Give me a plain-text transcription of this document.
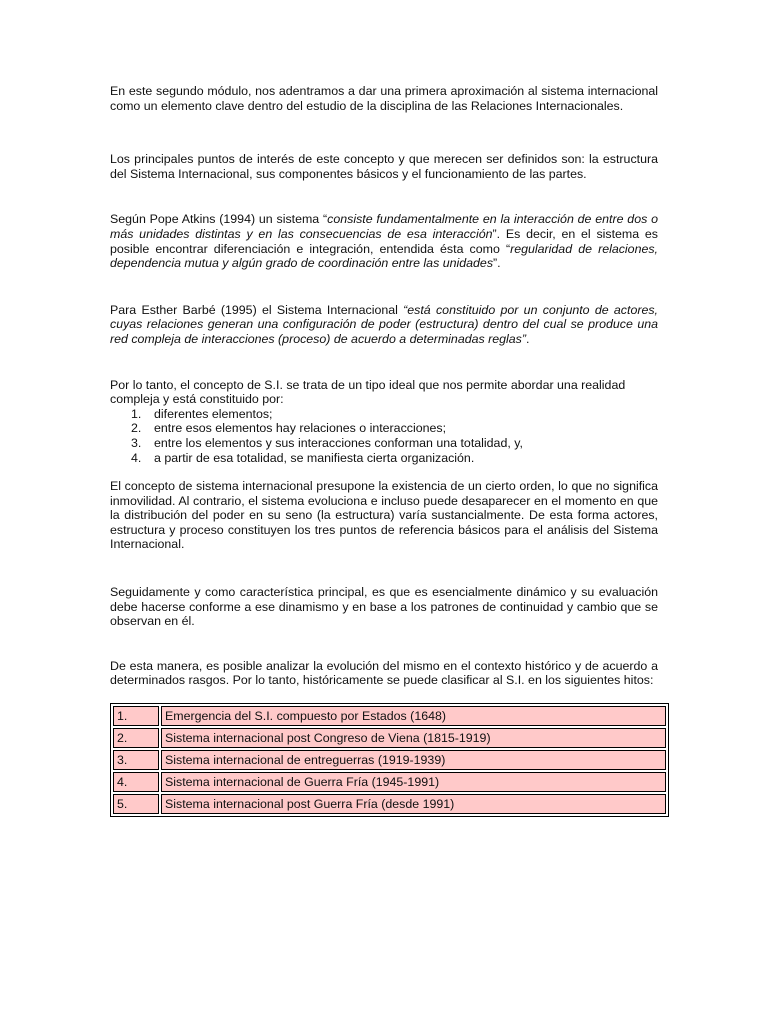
En este segundo módulo, nos adentramos a dar una primera aproximación al sistema internacional como un elemento clave dentro del estudio de la disciplina de las Relaciones Internacionales.

Los principales puntos de interés de este concepto y que merecen ser definidos son: la estructura del Sistema Internacional, sus componentes básicos y el funcionamiento de las partes.

Según Pope Atkins (1994) un sistema “consiste fundamentalmente en la interacción de entre dos o más unidades distintas y en las consecuencias de esa interacción”. Es decir, en el sistema es posible encontrar diferenciación e integración, entendida ésta como “regularidad de relaciones, dependencia mutua y algún grado de coordinación entre las unidades”.

Para Esther Barbé (1995) el Sistema Internacional “está constituido por un conjunto de actores, cuyas relaciones generan una configuración de poder (estructura) dentro del cual se produce una red compleja de interacciones (proceso) de acuerdo a determinadas reglas”.

Por lo tanto, el concepto de S.I. se trata de un tipo ideal que nos permite abordar una realidad compleja y está constituido por:

1.	diferentes elementos;
2.	entre esos elementos hay relaciones o interacciones;
3.	entre los elementos y sus interacciones conforman una totalidad, y,
4.	a partir de esa totalidad, se manifiesta cierta organización.

El concepto de sistema internacional presupone la existencia de un cierto orden, lo que no significa inmovilidad. Al contrario, el sistema evoluciona e incluso puede desaparecer en el momento en que la distribución del poder en su seno (la estructura) varía sustancialmente. De esta forma actores, estructura y proceso constituyen los tres puntos de referencia básicos para el análisis del Sistema Internacional.

Seguidamente y como característica principal, es que es esencialmente dinámico y su evaluación debe hacerse conforme a ese dinamismo y en base a los patrones de continuidad y cambio que se observan en él.

De esta manera, es posible analizar la evolución del mismo en el contexto histórico y de acuerdo a determinados rasgos. Por lo tanto, históricamente se puede clasificar al S.I. en los siguientes hitos:

1.	Emergencia del S.I. compuesto por Estados (1648)
2.	Sistema internacional post Congreso de Viena (1815-1919)
3.	Sistema internacional de entreguerras (1919-1939)
4.	Sistema internacional de Guerra Fría (1945-1991)
5.	Sistema internacional post Guerra Fría (desde 1991)
